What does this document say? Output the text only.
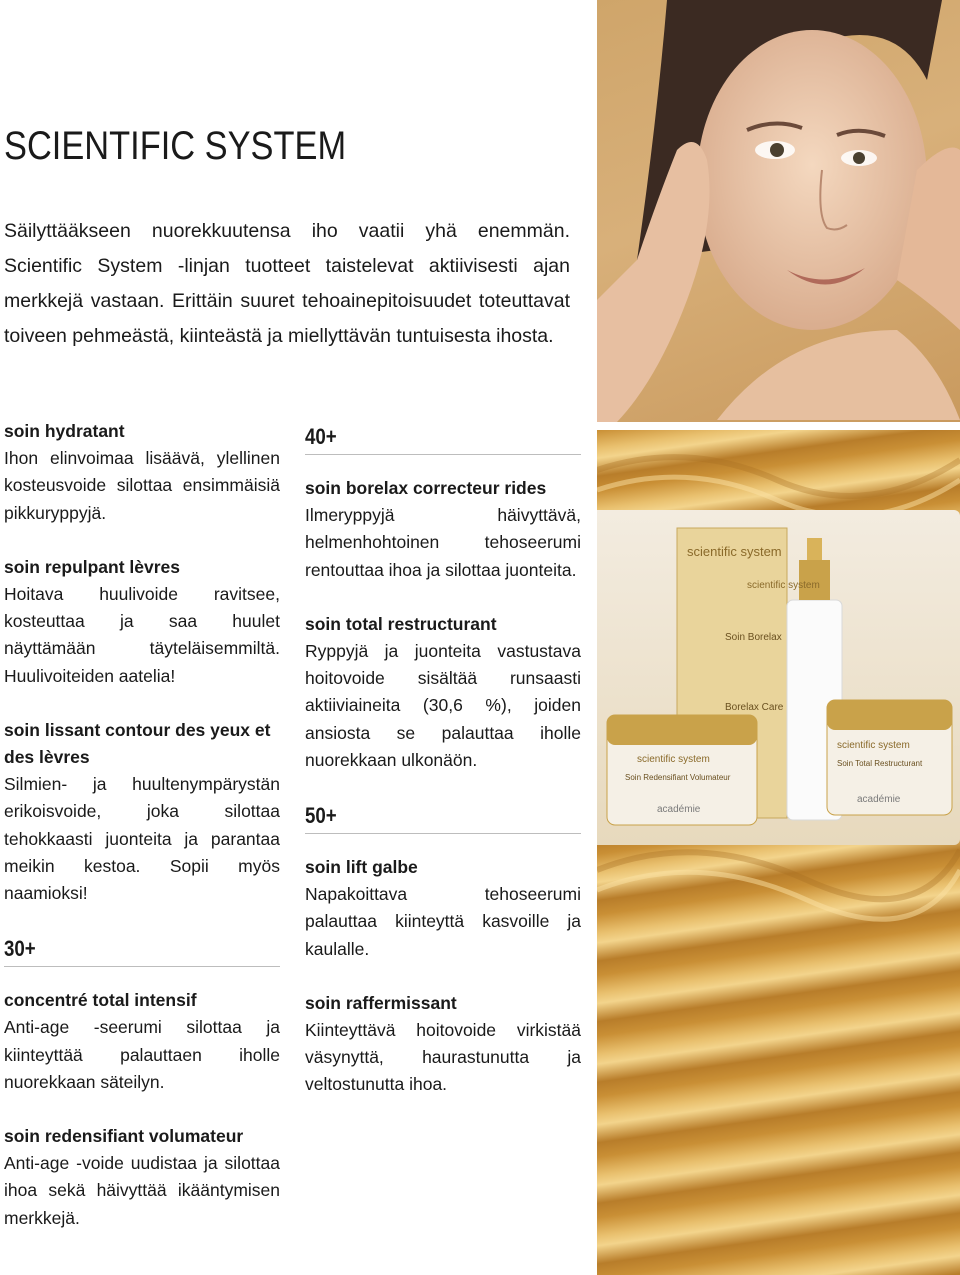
SCIENTIFIC SYSTEM

Säilyttääkseen nuorekkuutensa iho vaatii yhä enemmän. Scientific System -linjan tuotteet taistelevat aktiivisesti ajan merkkejä vastaan. Erittäin suuret tehoainepitoisuudet toteuttavat toiveen pehmeästä, kiinteästä ja miellyttävän tuntuisesta ihosta.

soin hydratant

Ihon elinvoimaa lisäävä, ylellinen kosteusvoide silottaa ensimmäisiä pikkuryppyjä.

soin repulpant lèvres

Hoitava huulivoide ravitsee, kosteuttaa ja saa huulet näyttämään täyteläisemmiltä. Huulivoiteiden aatelia!

soin lissant contour des yeux et des lèvres

Silmien- ja huultenympärystän erikoisvoide, joka silottaa tehokkaasti juonteita ja parantaa meikin kestoa. Sopii myös naamioksi!

30+
concentré total intensif

Anti-age -seerumi silottaa ja kiinteyttää palauttaen iholle nuorekkaan säteilyn.

soin redensifiant volumateur

Anti-age -voide uudistaa ja silottaa ihoa sekä häivyttää ikääntymisen merkkejä.

40+
soin borelax correcteur rides

Ilmeryppyjä häivyttävä, helmenhohtoinen tehoseerumi rentouttaa ihoa ja silottaa juonteita.

soin total restructurant

Ryppyjä ja juonteita vastustava hoitovoide sisältää runsaasti aktiiviaineita (30,6 %), joiden ansiosta se palauttaa iholle nuorekkaan ulkonäön.

50+
soin lift galbe

Napakoittava tehoseerumi palauttaa kiinteyttä kasvoille ja kaulalle.

soin raffermissant

Kiinteyttävä hoitovoide virkistää väsynyttä, haurastunutta ja veltostunutta ihoa.

scientific system
Soin Borelax
Borelax Care
scientific system
scientific system
Soin Redensifiant Volumateur
académie
scientific system
Soin Total Restructurant
académie
